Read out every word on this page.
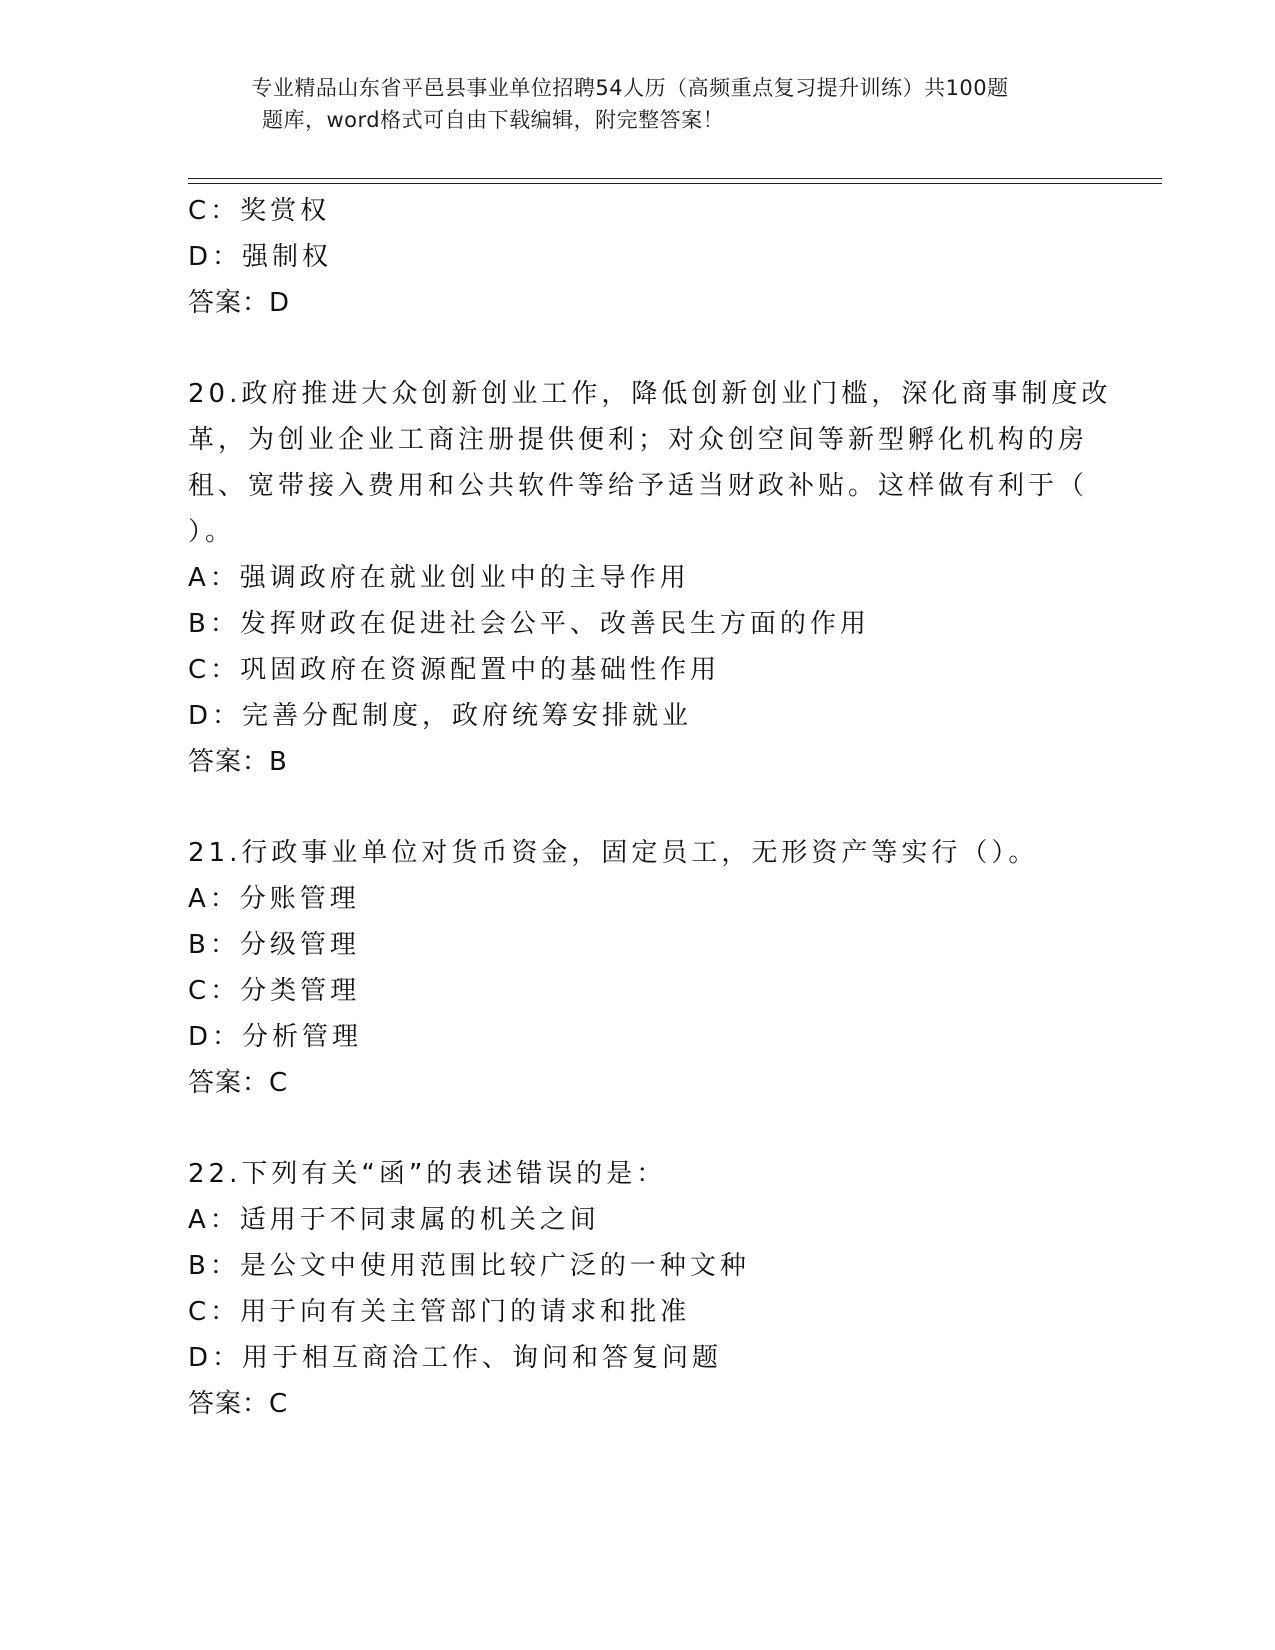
专业精品山东省平邑县事业单位招聘54人历（高频重点复习提升训练）共100题

题库，word格式可自由下载编辑，附完整答案！
C：奖赏权
D：强制权
答案：D
20.政府推进大众创新创业工作，降低创新创业门槛，深化商事制度改
革，为创业企业工商注册提供便利；对众创空间等新型孵化机构的房
租、宽带接入费用和公共软件等给予适当财政补贴。这样做有利于（
）。
A：强调政府在就业创业中的主导作用
B：发挥财政在促进社会公平、改善民生方面的作用
C：巩固政府在资源配置中的基础性作用
D：完善分配制度，政府统筹安排就业
答案：B
21.行政事业单位对货币资金，固定员工，无形资产等实行（）。
A：分账管理
B：分级管理
C：分类管理
D：分析管理
答案：C
22.下列有关“函”的表述错误的是：
A：适用于不同隶属的机关之间
B：是公文中使用范围比较广泛的一种文种
C：用于向有关主管部门的请求和批准
D：用于相互商洽工作、询问和答复问题
答案：C
